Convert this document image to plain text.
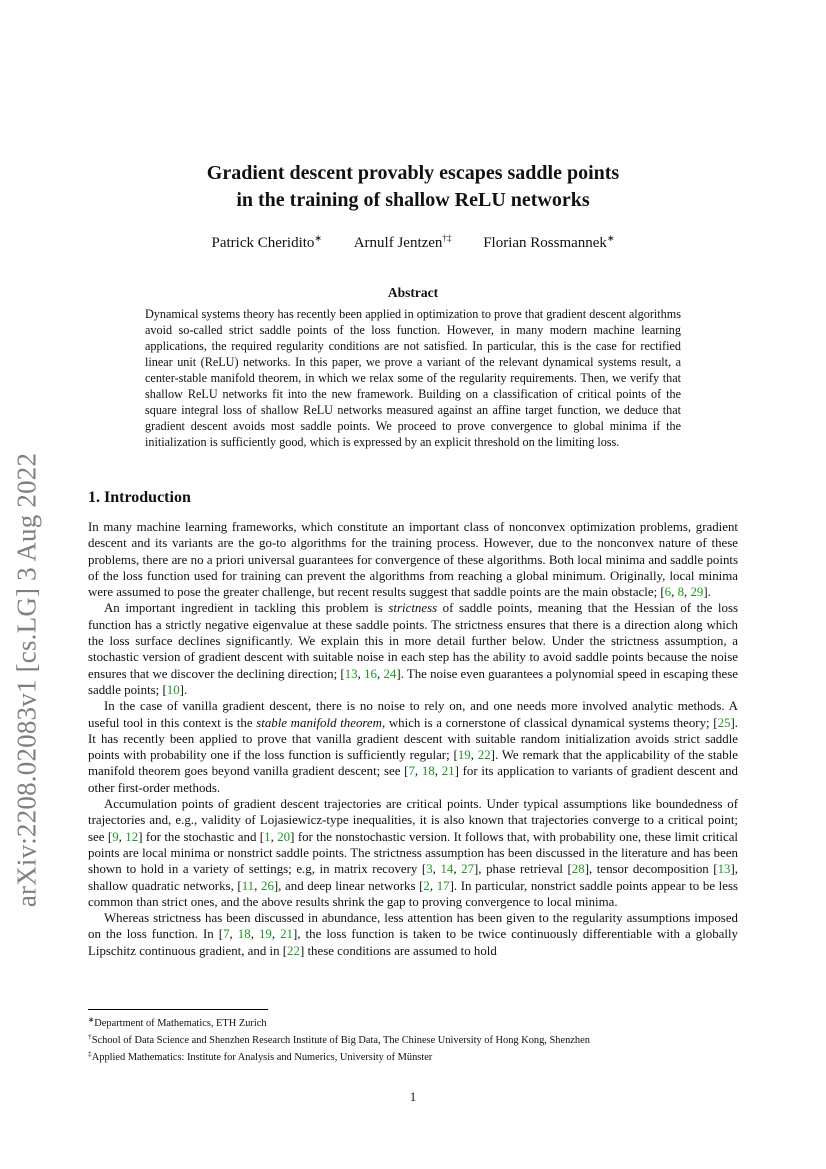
arXiv:2208.02083v1 [cs.LG] 3 Aug 2022
Gradient descent provably escapes saddle points
in the training of shallow ReLU networks
Patrick Cheridito∗ Arnulf Jentzen†‡ Florian Rossmannek∗
Abstract
Dynamical systems theory has recently been applied in optimization to prove that gradient descent algorithms avoid so-called strict saddle points of the loss function. However, in many modern machine learning applications, the required regularity conditions are not satisfied. In particular, this is the case for rectified linear unit (ReLU) networks. In this paper, we prove a variant of the relevant dynamical systems result, a center-stable manifold theorem, in which we relax some of the regularity requirements. Then, we verify that shallow ReLU networks fit into the new framework. Building on a classification of critical points of the square integral loss of shallow ReLU networks measured against an affine target function, we deduce that gradient descent avoids most saddle points. We proceed to prove convergence to global minima if the initialization is sufficiently good, which is expressed by an explicit threshold on the limiting loss.
1. Introduction

In many machine learning frameworks, which constitute an important class of nonconvex optimization problems, gradient descent and its variants are the go-to algorithms for the training process. However, due to the nonconvex nature of these problems, there are no a priori universal guarantees for convergence of these algorithms. Both local minima and saddle points of the loss function used for training can prevent the algorithms from reaching a global minimum. Originally, local minima were assumed to pose the greater challenge, but recent results suggest that saddle points are the main obstacle; [6, 8, 29].

An important ingredient in tackling this problem is strictness of saddle points, meaning that the Hessian of the loss function has a strictly negative eigenvalue at these saddle points. The strictness ensures that there is a direction along which the loss surface declines significantly. We explain this in more detail further below. Under the strictness assumption, a stochastic version of gradient descent with suitable noise in each step has the ability to avoid saddle points because the noise ensures that we discover the declining direction; [13, 16, 24]. The noise even guarantees a polynomial speed in escaping these saddle points; [10].

In the case of vanilla gradient descent, there is no noise to rely on, and one needs more involved analytic methods. A useful tool in this context is the stable manifold theorem, which is a cornerstone of classical dynamical systems theory; [25]. It has recently been applied to prove that vanilla gradient descent with suitable random initialization avoids strict saddle points with probability one if the loss function is sufficiently regular; [19, 22]. We remark that the applicability of the stable manifold theorem goes beyond vanilla gradient descent; see [7, 18, 21] for its application to variants of gradient descent and other first-order methods.

Accumulation points of gradient descent trajectories are critical points. Under typical assumptions like boundedness of trajectories and, e.g., validity of Lojasiewicz-type inequalities, it is also known that trajectories converge to a critical point; see [9, 12] for the stochastic and [1, 20] for the nonstochastic version. It follows that, with probability one, these limit critical points are local minima or nonstrict saddle points. The strictness assumption has been discussed in the literature and has been shown to hold in a variety of settings; e.g, in matrix recovery [3, 14, 27], phase retrieval [28], tensor decomposition [13], shallow quadratic networks, [11, 26], and deep linear networks [2, 17]. In particular, nonstrict saddle points appear to be less common than strict ones, and the above results shrink the gap to proving convergence to local minima.

Whereas strictness has been discussed in abundance, less attention has been given to the regularity assumptions imposed on the loss function. In [7, 18, 19, 21], the loss function is taken to be twice continuously differentiable with a globally Lipschitz continuous gradient, and in [22] these conditions are assumed to hold

∗Department of Mathematics, ETH Zurich
†School of Data Science and Shenzhen Research Institute of Big Data, The Chinese University of Hong Kong, Shenzhen
‡Applied Mathematics: Institute for Analysis and Numerics, University of Münster
1
